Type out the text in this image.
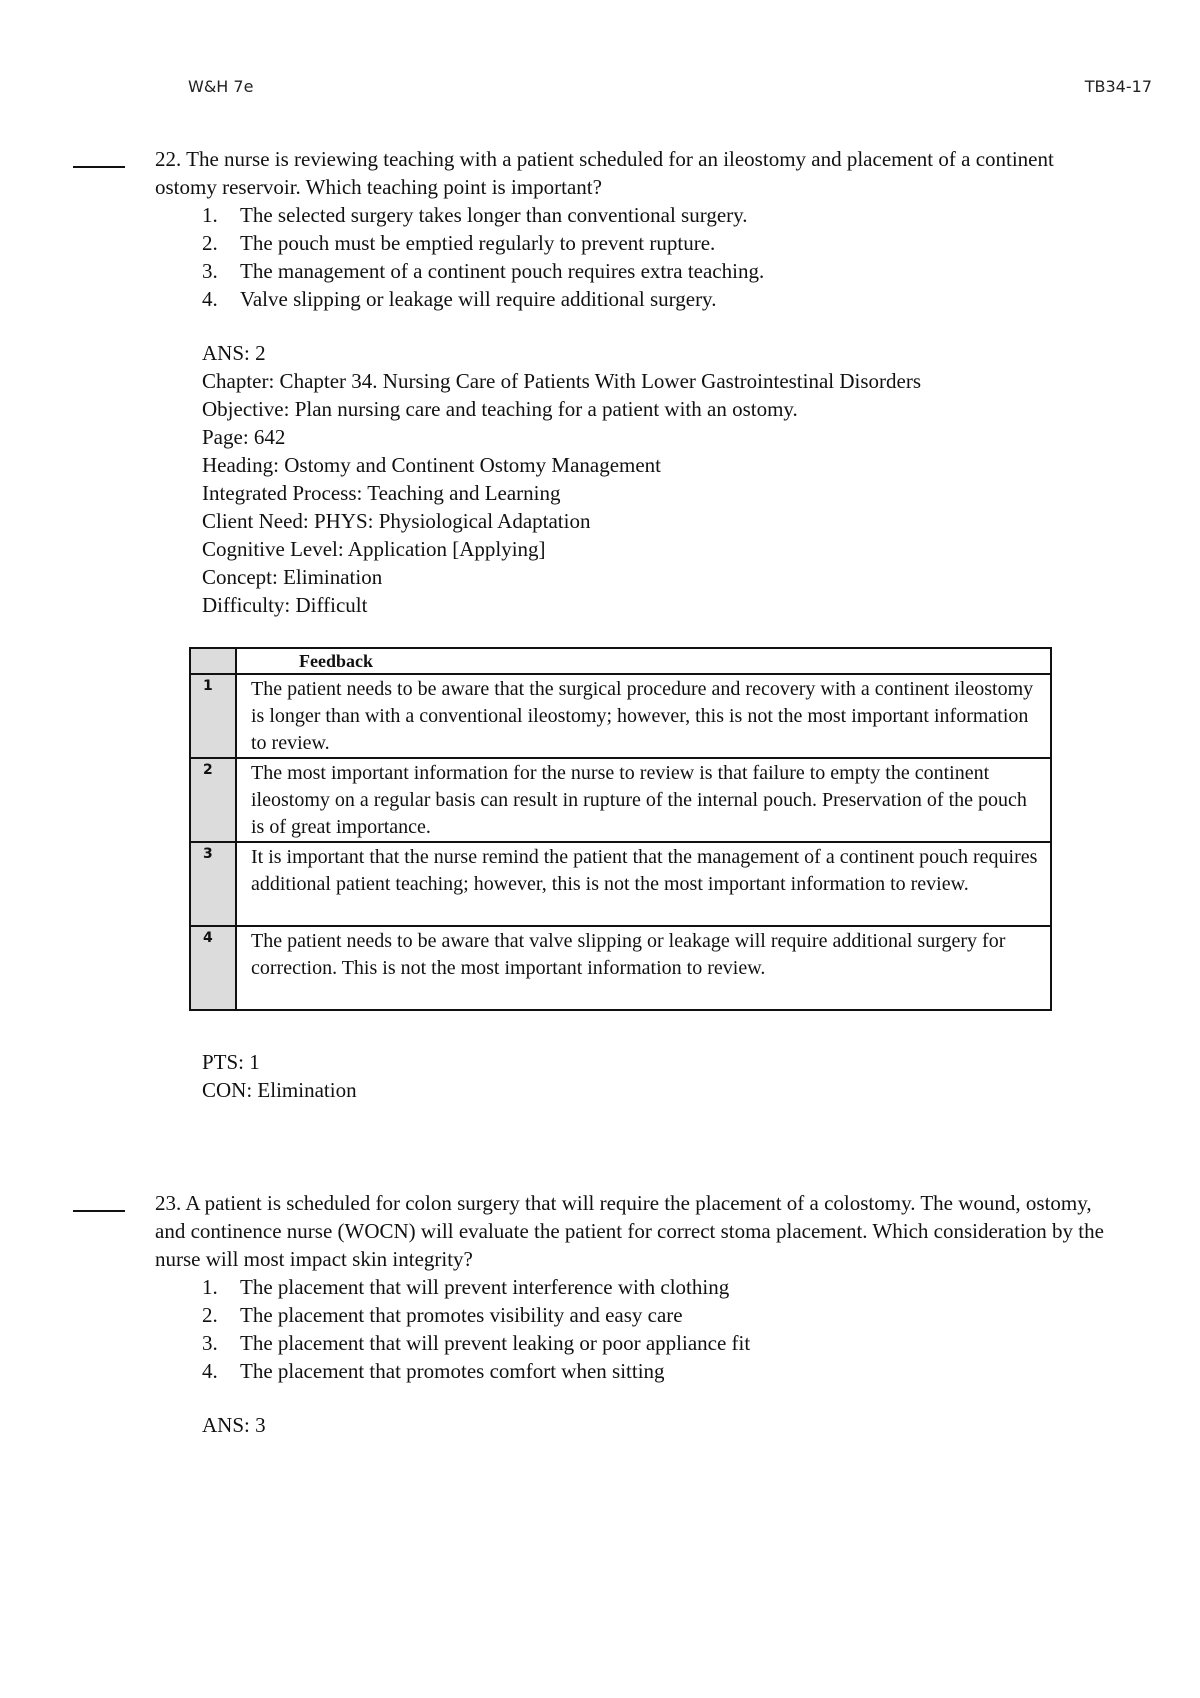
W&H 7e	TB34-17
22. The nurse is reviewing teaching with a patient scheduled for an ileostomy and placement of a continent ostomy reservoir. Which teaching point is important?
1. The selected surgery takes longer than conventional surgery.
2. The pouch must be emptied regularly to prevent rupture.
3. The management of a continent pouch requires extra teaching.
4. Valve slipping or leakage will require additional surgery.
ANS: 2
Chapter: Chapter 34. Nursing Care of Patients With Lower Gastrointestinal Disorders
Objective: Plan nursing care and teaching for a patient with an ostomy.
Page: 642
Heading: Ostomy and Continent Ostomy Management
Integrated Process: Teaching and Learning
Client Need: PHYS: Physiological Adaptation
Cognitive Level: Application [Applying]
Concept: Elimination
Difficulty: Difficult
	Feedback
1	The patient needs to be aware that the surgical procedure and recovery with a continent ileostomy is longer than with a conventional ileostomy; however, this is not the most important information to review.
2	The most important information for the nurse to review is that failure to empty the continent ileostomy on a regular basis can result in rupture of the internal pouch. Preservation of the pouch is of great importance.
3	It is important that the nurse remind the patient that the management of a continent pouch requires additional patient teaching; however, this is not the most important information to review.
4	The patient needs to be aware that valve slipping or leakage will require additional surgery for correction. This is not the most important information to review.
PTS: 1
CON: Elimination
23. A patient is scheduled for colon surgery that will require the placement of a colostomy. The wound, ostomy, and continence nurse (WOCN) will evaluate the patient for correct stoma placement. Which consideration by the nurse will most impact skin integrity?
1. The placement that will prevent interference with clothing
2. The placement that promotes visibility and easy care
3. The placement that will prevent leaking or poor appliance fit
4. The placement that promotes comfort when sitting
ANS: 3
